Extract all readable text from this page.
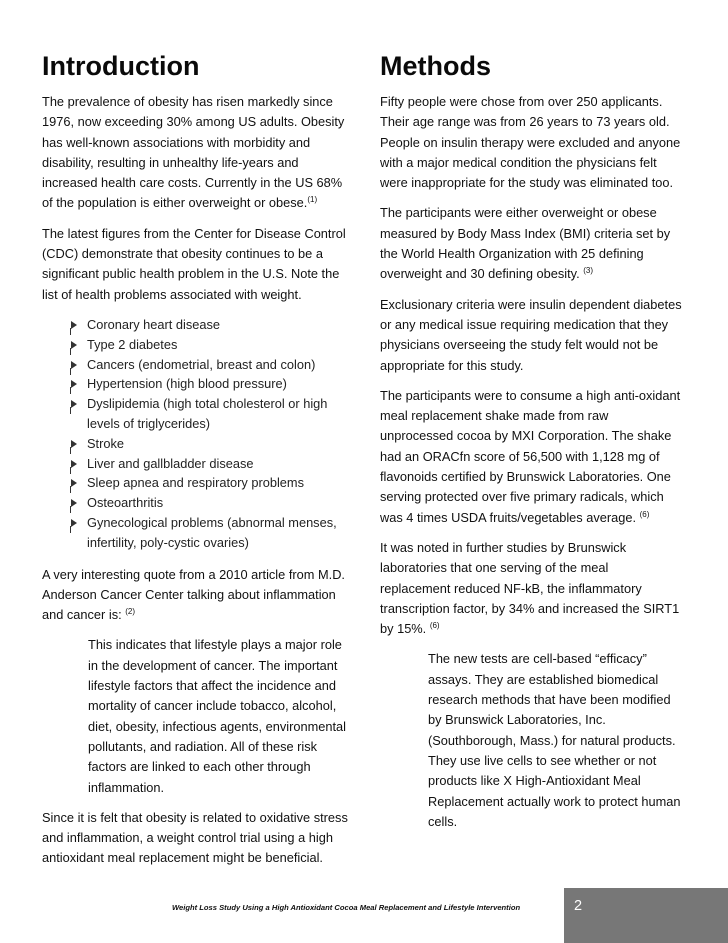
Introduction

The prevalence of obesity has risen markedly since 1976, now exceeding 30% among US adults. Obesity has well-known associations with morbidity and disability, resulting in unhealthy life-years and increased health care costs. Currently in the US 68% of the population is either overweight or obese.$^{(1)}$

The latest figures from the Center for Disease Control (CDC) demonstrate that obesity continues to be a significant public health problem in the U.S. Note the list of health problems associated with weight.

Coronary heart disease
Type 2 diabetes
Cancers (endometrial, breast and colon)
Hypertension (high blood pressure)
Dyslipidemia (high total cholesterol or high levels of triglycerides)
Stroke
Liver and gallbladder disease
Sleep apnea and respiratory problems
Osteoarthritis
Gynecological problems (abnormal menses, infertility, poly-cystic ovaries)

A very interesting quote from a 2010 article from M.D. Anderson Cancer Center talking about inflammation and cancer is: $^{(2)}$

This indicates that lifestyle plays a major role in the development of cancer. The important lifestyle factors that affect the incidence and mortality of cancer include tobacco, alcohol, diet, obesity, infectious agents, environmental pollutants, and radiation. All of these risk factors are linked to each other through inflammation.

Since it is felt that obesity is related to oxidative stress and inflammation, a weight control trial using a high antioxidant meal replacement might be beneficial.

Methods

Fifty people were chose from over 250 applicants. Their age range was from 26 years to 73 years old. People on insulin therapy were excluded and anyone with a major medical condition the physicians felt were inappropriate for the study was eliminated too.

The participants were either overweight or obese measured by Body Mass Index (BMI) criteria set by the World Health Organization with 25 defining overweight and 30 defining obesity. $^{(3)}$

Exclusionary criteria were insulin dependent diabetes or any medical issue requiring medication that they physicians overseeing the study felt would not be appropriate for this study.

The participants were to consume a high anti-oxidant meal replacement shake made from raw unprocessed cocoa by MXI Corporation. The shake had an ORACfn score of 56,500 with 1,128 mg of flavonoids certified by Brunswick Laboratories. One serving protected over five primary radicals, which was 4 times USDA fruits/vegetables average. $^{(6)}$

It was noted in further studies by Brunswick laboratories that one serving of the meal replacement reduced NF-kB, the inflammatory transcription factor, by 34% and increased the SIRT1 by 15%. $^{(6)}$

The new tests are cell-based “efficacy” assays. They are established biomedical research methods that have been modified by Brunswick Laboratories, Inc. (Southborough, Mass.) for natural products. They use live cells to see whether or not products like X High-Antioxidant Meal Replacement actually work to protect human cells.

Weight Loss Study Using a High Antioxidant Cocoa Meal Replacement and Lifestyle Intervention	2
